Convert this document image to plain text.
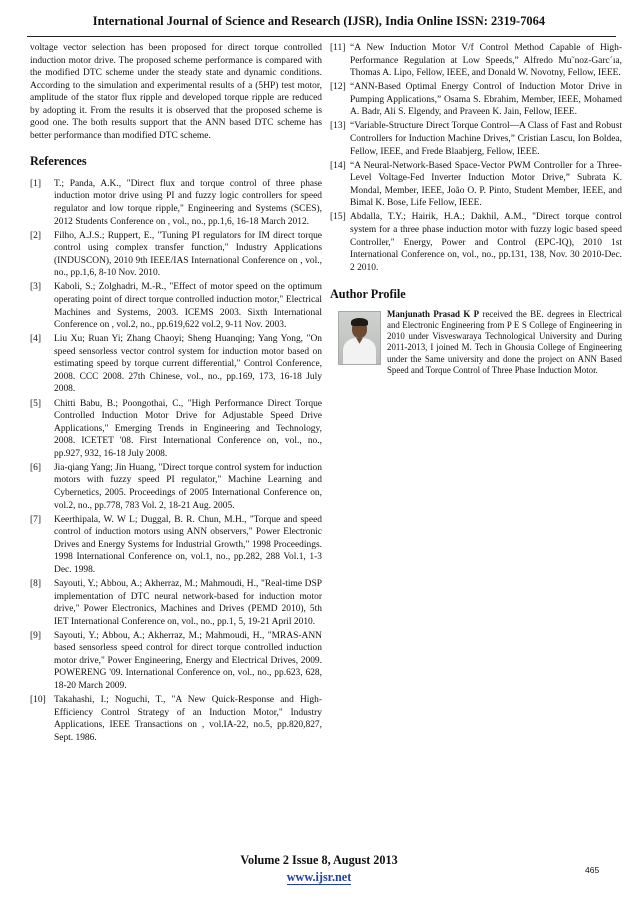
International Journal of Science and Research (IJSR), India Online ISSN: 2319-7064

voltage vector selection has been proposed for direct torque controlled induction motor drive. The proposed scheme performance is compared with the modified DTC scheme under the steady state and dynamic conditions. According to the simulation and experimental results of a (5HP) test motor, amplitude of the stator flux ripple and developed torque ripple are reduced by adopting it. From the results it is observed that the proposed scheme is good one. The both results support that the ANN based DTC scheme has better performance than modified DTC scheme.

References
[1] T.; Panda, A.K., "Direct flux and torque control of three phase induction motor drive using PI and fuzzy logic controllers for speed regulator and low torque ripple," Engineering and Systems (SCES), 2012 Students Conference on , vol., no., pp.1,6, 16-18 March 2012.
[2] Filho, A.J.S.; Ruppert, E., "Tuning PI regulators for IM direct torque control using complex transfer function," Industry Applications (INDUSCON), 2010 9th IEEE/IAS International Conference on , vol., no., pp.1,6, 8-10 Nov. 2010.
[3] Kaboli, S.; Zolghadri, M.-R., "Effect of motor speed on the optimum operating point of direct torque controlled induction motor," Electrical Machines and Systems, 2003. ICEMS 2003. Sixth International Conference on , vol.2, no., pp.619,622 vol.2, 9-11 Nov. 2003.
[4] Liu Xu; Ruan Yi; Zhang Chaoyi; Sheng Huanqing; Yang Yong, "On speed sensorless vector control system for induction motor based on estimating speed by torque current differential," Control Conference, 2008. CCC 2008. 27th Chinese, vol., no., pp.169, 173, 16-18 July 2008.
[5] Chitti Babu, B.; Poongothai, C., "High Performance Direct Torque Controlled Induction Motor Drive for Adjustable Speed Drive Applications," Emerging Trends in Engineering and Technology, 2008. ICETET '08. First International Conference on, vol., no., pp.927, 932, 16-18 July 2008.
[6] Jia-qiang Yang; Jin Huang, "Direct torque control system for induction motors with fuzzy speed PI regulator," Machine Learning and Cybernetics, 2005. Proceedings of 2005 International Conference on, vol.2, no., pp.778, 783 Vol. 2, 18-21 Aug. 2005.
[7] Keerthipala, W. W L; Duggal, B. R. Chun, M.H., "Torque and speed control of induction motors using ANN observers," Power Electronic Drives and Energy Systems for Industrial Growth," 1998 Proceedings. 1998 International Conference on, vol.1, no., pp.282, 288 Vol.1, 1-3 Dec. 1998.
[8] Sayouti, Y.; Abbou, A.; Akherraz, M.; Mahmoudi, H., "Real-time DSP implementation of DTC neural network-based for induction motor drive," Power Electronics, Machines and Drives (PEMD 2010), 5th IET International Conference on, vol., no., pp.1, 5, 19-21 April 2010.
[9] Sayouti, Y.; Abbou, A.; Akherraz, M.; Mahmoudi, H., "MRAS-ANN based sensorless speed control for direct torque controlled induction motor drive," Power Engineering, Energy and Electrical Drives, 2009. POWERENG '09. International Conference on, vol., no., pp.623, 628, 18-20 March 2009.
[10] Takahashi, I.; Noguchi, T., "A New Quick-Response and High-Efficiency Control Strategy of an Induction Motor," Industry Applications, IEEE Transactions on , vol.IA-22, no.5, pp.820,827, Sept. 1986.
[11] “A New Induction Motor V/f Control Method Capable of High-Performance Regulation at Low Speeds,” Alfredo Mu˜noz-Garc´ıa, Thomas A. Lipo, Fellow, IEEE, and Donald W. Novotny, Fellow, IEEE.
[12] “ANN-Based Optimal Energy Control of Induction Motor Drive in Pumping Applications,” Osama S. Ebrahim, Member, IEEE, Mohamed A. Badr, Ali S. Elgendy, and Praveen K. Jain, Fellow, IEEE.
[13] “Variable-Structure Direct Torque Control—A Class of Fast and Robust Controllers for Induction Machine Drives,” Cristian Lascu, Ion Boldea, Fellow, IEEE, and Frede Blaabjerg, Fellow, IEEE.
[14] “A Neural-Network-Based Space-Vector PWM Controller for a Three-Level Voltage-Fed Inverter Induction Motor Drive,” Subrata K. Mondal, Member, IEEE, João O. P. Pinto, Student Member, IEEE, and Bimal K. Bose, Life Fellow, IEEE.
[15] Abdalla, T.Y.; Hairik, H.A.; Dakhil, A.M., "Direct torque control system for a three phase induction motor with fuzzy logic based speed Controller," Energy, Power and Control (EPC-IQ), 2010 1st International Conference on, vol., no., pp.131, 138, Nov. 30 2010-Dec. 2 2010.
Author Profile
Manjunath Prasad K P received the BE. degrees in Electrical and Electronic Engineering from P E S College of Engineering in 2010 under Visveswaraya Technological University and During 2011-2013, I joined M. Tech in Ghousia College of Engineering under the Same university and done the project on ANN Based Speed and Torque Control of Three Phase Induction Motor.
Volume 2 Issue 8, August 2013
www.ijsr.net	465
